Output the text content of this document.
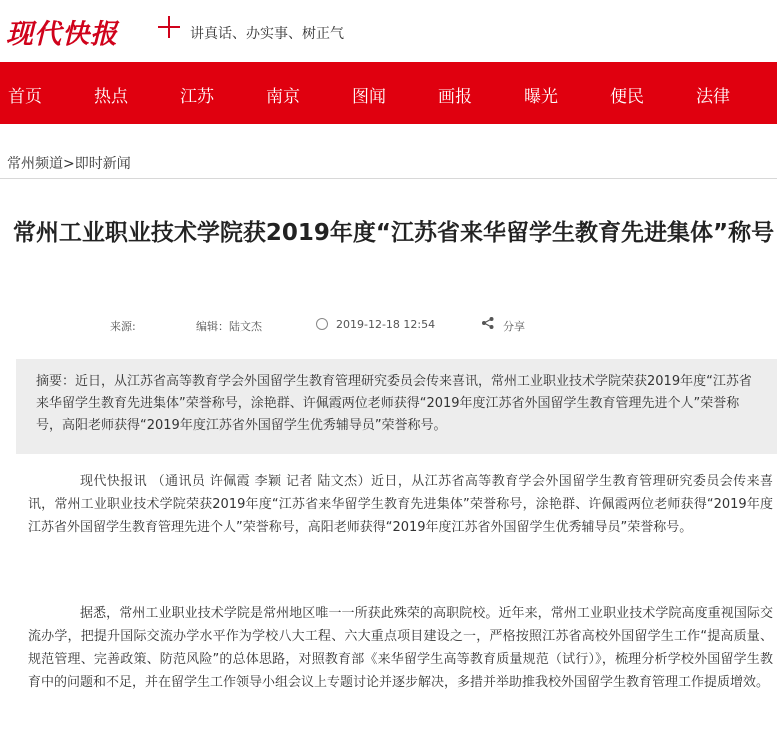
现代快报	讲真话、办实事、树正气
首页	热点	江苏	南京	图闻	画报	曝光	便民	法律
常州频道>即时新闻
常州工业职业技术学院获2019年度“江苏省来华留学生教育先进集体”称号
来源:	编辑：陆文杰	2019-12-18 12:54	分享
摘要：近日，从江苏省高等教育学会外国留学生教育管理研究委员会传来喜讯，常州工业职业技术学院荣获2019年度“江苏省来华留学生教育先进集体”荣誉称号，涂艳群、许佩霞两位老师获得“2019年度江苏省外国留学生教育管理先进个人”荣誉称号，高阳老师获得“2019年度江苏省外国留学生优秀辅导员”荣誉称号。
现代快报讯 （通讯员 许佩霞 李颖 记者 陆文杰）近日，从江苏省高等教育学会外国留学生教育管理研究委员会传来喜讯，常州工业职业技术学院荣获2019年度“江苏省来华留学生教育先进集体”荣誉称号，涂艳群、许佩霞两位老师获得“2019年度江苏省外国留学生教育管理先进个人”荣誉称号，高阳老师获得“2019年度江苏省外国留学生优秀辅导员”荣誉称号。
据悉，常州工业职业技术学院是常州地区唯一一所获此殊荣的高职院校。近年来，常州工业职业技术学院高度重视国际交流办学，把提升国际交流办学水平作为学校八大工程、六大重点项目建设之一，严格按照江苏省高校外国留学生工作“提高质量、规范管理、完善政策、防范风险”的总体思路，对照教育部《来华留学生高等教育质量规范（试行）》，梳理分析学校外国留学生教育中的问题和不足，并在留学生工作领导小组会议上专题讨论并逐步解决，多措并举助推我校外国留学生教育管理工作提质增效。
